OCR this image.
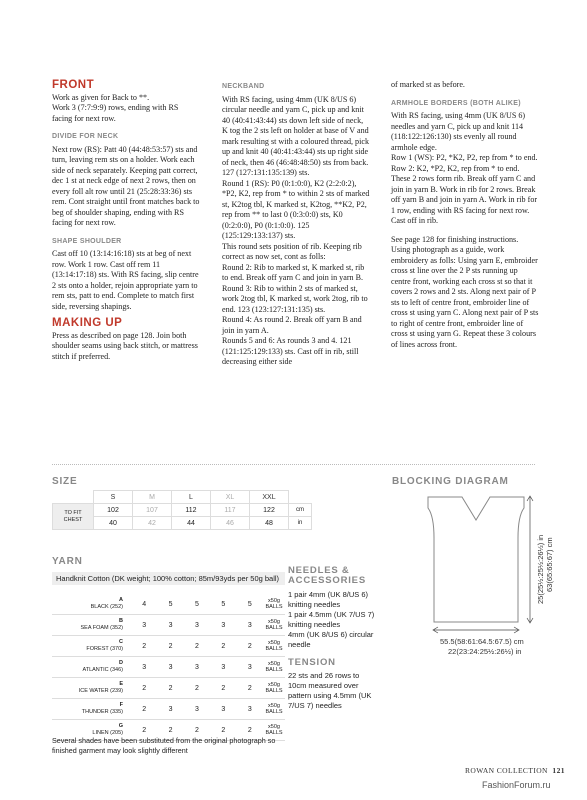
FRONT

Work as given for Back to **.

Work 3 (7:7:9:9) rows, ending with RS facing for next row.

DIVIDE FOR NECK

Next row (RS): Patt 40 (44:48:53:57) sts and turn, leaving rem sts on a holder. Work each side of neck separately. Keeping patt correct, dec 1 st at neck edge of next 2 rows, then on every foll alt row until 21 (25:28:33:36) sts rem. Cont straight until front matches back to beg of shoulder shaping, ending with RS facing for next row.

SHAPE SHOULDER

Cast off 10 (13:14:16:18) sts at beg of next row. Work 1 row. Cast off rem 11 (13:14:17:18) sts. With RS facing, slip centre 2 sts onto a holder, rejoin appropriate yarn to rem sts, patt to end. Complete to match first side, reversing shapings.

MAKING UP

Press as described on page 128. Join both shoulder seams using back stitch, or mattress stitch if preferred.

NECKBAND

With RS facing, using 4mm (UK 8/US 6) circular needle and yarn C, pick up and knit 40 (40:41:43:44) sts down left side of neck, K tog the 2 sts left on holder at base of V and mark resulting st with a coloured thread, pick up and knit 40 (40:41:43:44) sts up right side of neck, then 46 (46:48:48:50) sts from back. 127 (127:131:135:139) sts.

Round 1 (RS): P0 (0:1:0:0), K2 (2:2:0:2), *P2, K2, rep from * to within 2 sts of marked st, K2tog tbl, K marked st, K2tog, **K2, P2, rep from ** to last 0 (0:3:0:0) sts, K0 (0:2:0:0), P0 (0:1:0:0). 125 (125:129:133:137) sts.

This round sets position of rib. Keeping rib correct as now set, cont as folls:

Round 2: Rib to marked st, K marked st, rib to end. Break off yarn C and join in yarn B.

Round 3: Rib to within 2 sts of marked st, work 2tog tbl, K marked st, work 2tog, rib to end. 123 (123:127:131:135) sts.

Round 4: As round 2. Break off yarn B and join in yarn A.

Rounds 5 and 6: As rounds 3 and 4. 121 (121:125:129:133) sts. Cast off in rib, still decreasing either side

of marked st as before.

ARMHOLE BORDERS (BOTH ALIKE)

With RS facing, using 4mm (UK 8/US 6) needles and yarn C, pick up and knit 114 (118:122:126:130) sts evenly all round armhole edge.

Row 1 (WS): P2, *K2, P2, rep from * to end.

Row 2: K2, *P2, K2, rep from * to end. These 2 rows form rib. Break off yarn C and join in yarn B. Work in rib for 2 rows. Break off yarn B and join in yarn A. Work in rib for 1 row, ending with RS facing for next row. Cast off in rib.

See page 128 for finishing instructions. Using photograph as a guide, work embroidery as folls: Using yarn E, embroider cross st line over the 2 P sts running up centre front, working each cross st so that it covers 2 rows and 2 sts. Along next pair of P sts to left of centre front, embroider line of cross st using yarn C. Along next pair of P sts to right of centre front, embroider line of cross st using yarn G. Repeat these 3 colours of lines across front.

SIZE
	S	M	L	XL	XXL	
TO FIT CHEST	102	107	112	117	122	cm
	40	42	44	46	48	in
YARN
Handknit Cotton (DK weight; 100% cotton; 85m/93yds per 50g ball)
A
BLACK (252)	4	5	5	5	5	x50g BALLS

B
SEA FOAM (352)	3	3	3	3	3	x50g BALLS

C
FOREST (370)	2	2	2	2	2	x50g BALLS

D
ATLANTIC (346)	3	3	3	3	3	x50g BALLS

E
ICE WATER (239)	2	2	2	2	2	x50g BALLS

F
THUNDER (335)	2	3	3	3	3	x50g BALLS

G
LINEN (205)	2	2	2	2	2	x50g BALLS
Several shades have been substituted from the original photograph so finished garment may look slightly different
NEEDLES & ACCESSORIES
1 pair 4mm (UK 8/US 6) knitting needles
1 pair 4.5mm (UK 7/US 7) knitting needles
4mm (UK 8/US 6) circular needle
TENSION
22 sts and 26 rows to 10cm measured over pattern using 4.5mm (UK 7/US 7) needles
BLOCKING DIAGRAM
63(65:65:67) cm
25(25½:25½:26½) in
55.5(58:61:64.5:67.5) cm
22(23:24:25½:26½) in
ROWAN COLLECTION 121
FashionForum.ru
